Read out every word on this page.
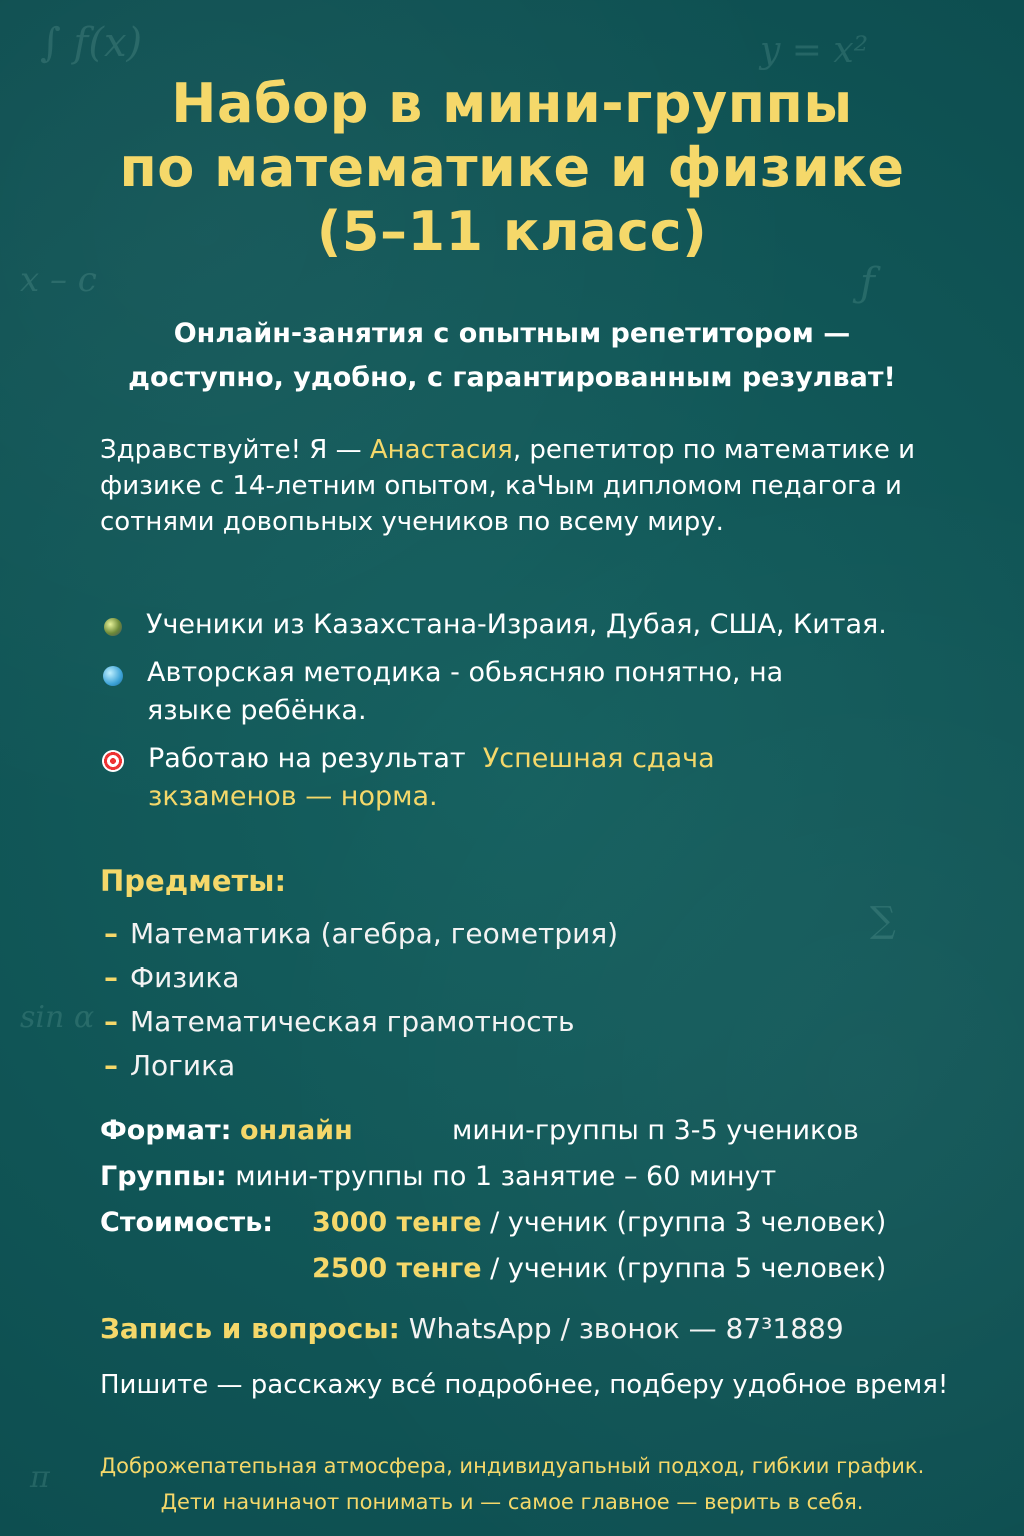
∫ f(x)	y = x²
x – c	ƒ
sin α
∑
π
Набор в мини-группы
по математике и физике
(5–11 класс)
Онлайн-занятия с опытным репетитором —
доступно, удобно, с гарантированным резулват!
Здравствуйте! Я — Анастасия, репетитор по математике и физике с 14-летним опытом, каЧым дипломом педагога и сотнями довопьных учеников по всему миру.
Ученики из Казахстана-Израия, Дубая, США, Китая.
Авторская методика - обьясняю понятно, на языке ребёнка.
Работаю на результат Успешная сдача зкзаменов — норма.
Предметы:
– Математика (агебра, геометрия)
– Физика
– Математическая грамотность
– Логика
Формат: онлайн	мини-группы п 3-5 учеников
Группы: мини-труппы по 1 занятие – 60 минут
Стоимость: 3000 тенге / ученик (группа 3 человек)
2500 тенге / ученик (группа 5 человек)
Запись и вопросы: WhatsApp / звонок — 87³1889
Пишите — расскажу всé подробнее, подберу удобное время!
Доброжепатепьная атмосфера, индивидуапьный подход, гибкии график.
Дети начиначот понимать и — самое главное — верить в себя.
